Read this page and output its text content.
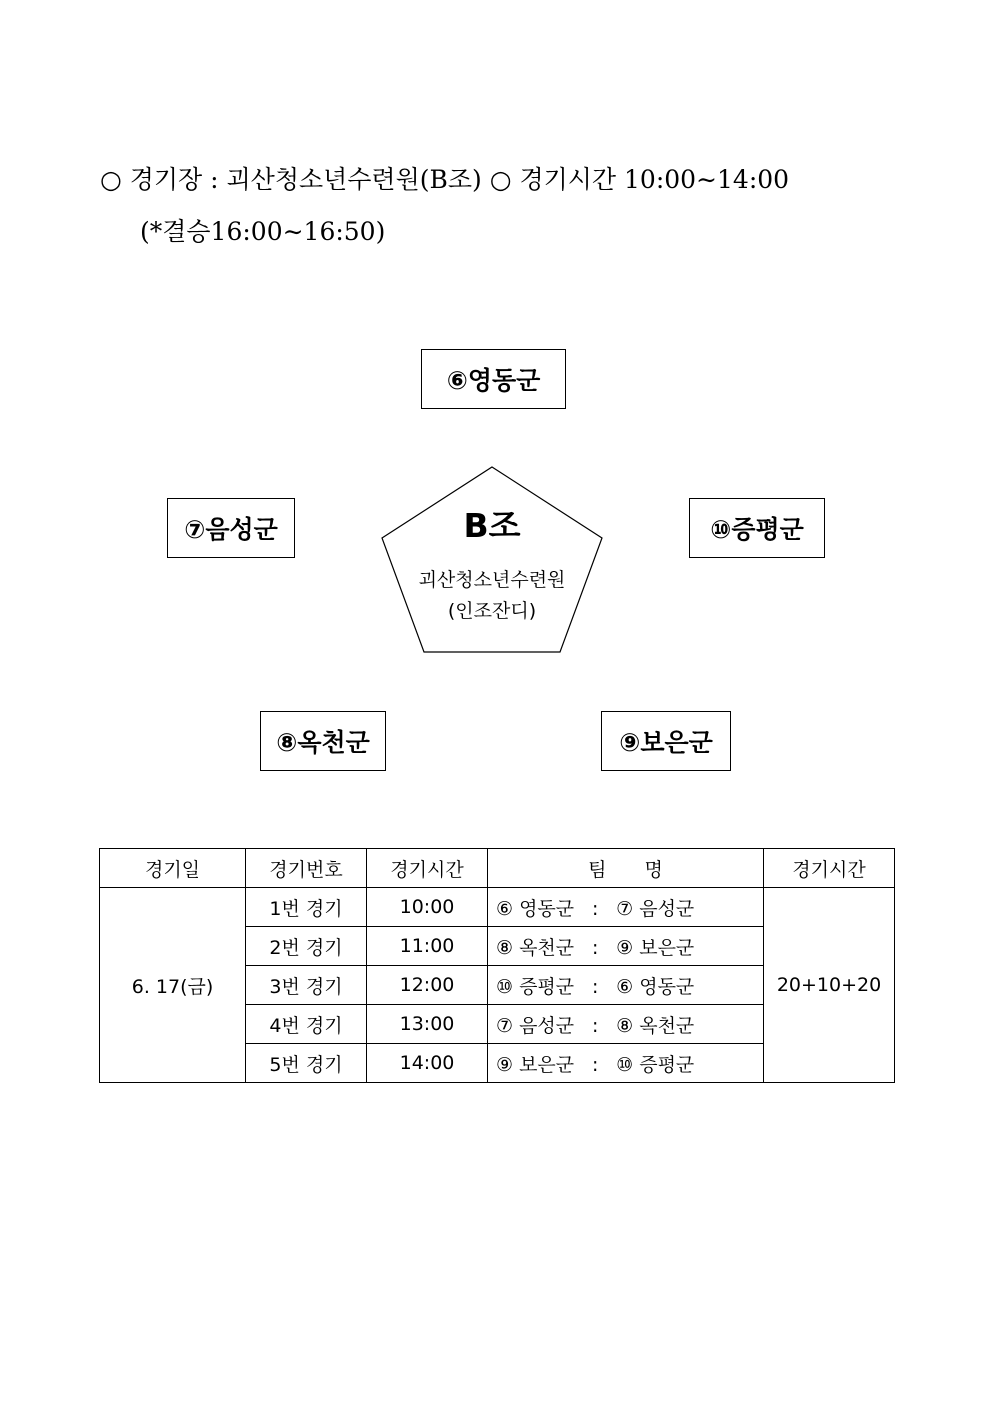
○ 경기장 : 괴산청소년수련원(B조) ○ 경기시간 10:00∼14:00
(*결승16:00∼16:50)
⑥영동군
⑦음성군	⑩증평군
⑧옥천군	⑨보은군
B조
괴산청소년수련원
(인조잔디)
경기일	경기번호	경기시간	팀　　명	경기시간
6. 17(금)	1번 경기	10:00	⑥ 영동군 : ⑦ 음성군	20+10+20
	2번 경기	11:00	⑧ 옥천군 : ⑨ 보은군	
	3번 경기	12:00	⑩ 증평군 : ⑥ 영동군	
	4번 경기	13:00	⑦ 음성군 : ⑧ 옥천군	
	5번 경기	14:00	⑨ 보은군 : ⑩ 증평군	
